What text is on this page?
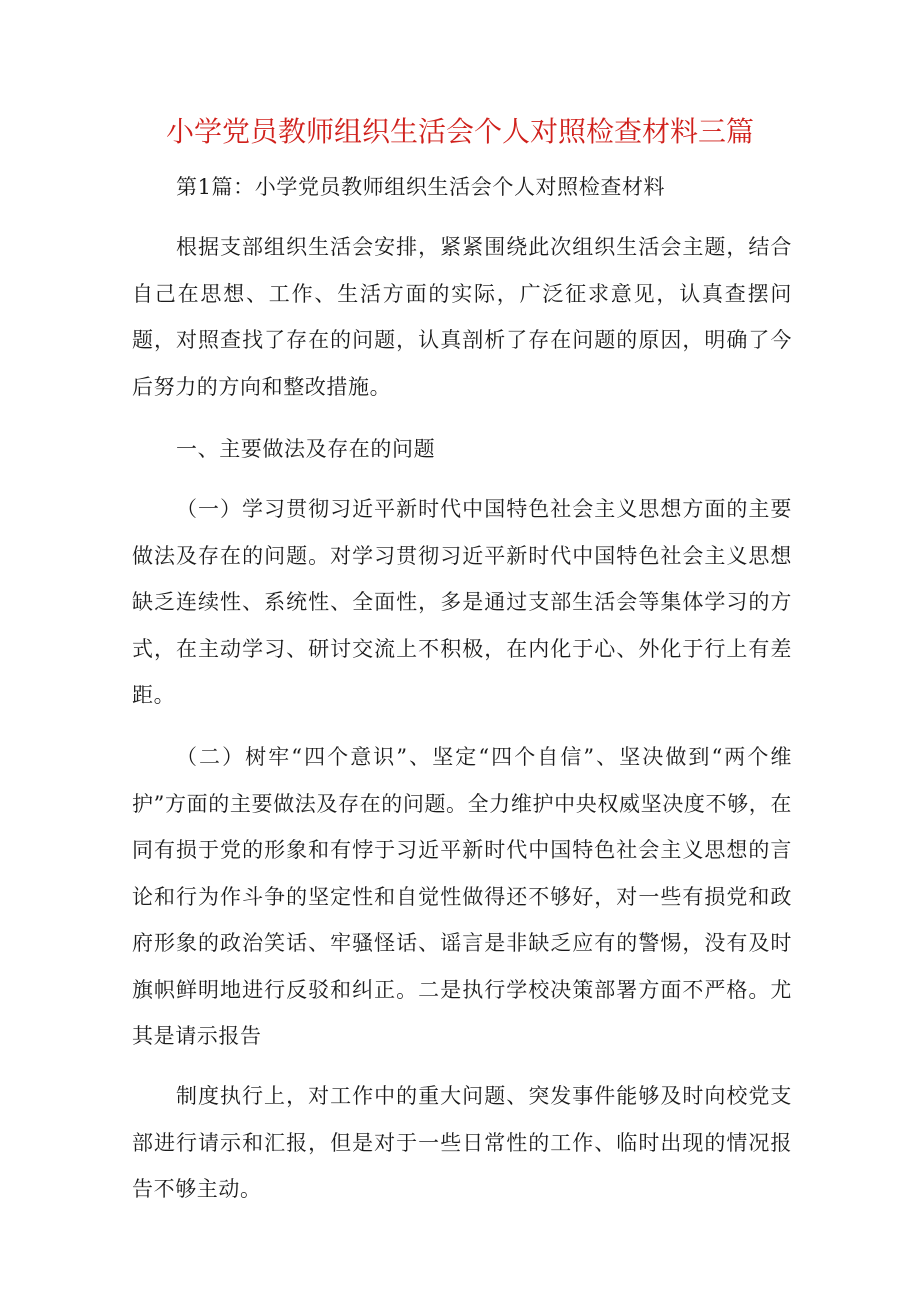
小学党员教师组织生活会个人对照检查材料三篇

第1篇：小学党员教师组织生活会个人对照检查材料

根据支部组织生活会安排，紧紧围绕此次组织生活会主题，结合自己在思想、工作、生活方面的实际，广泛征求意见，认真查摆问题，对照查找了存在的问题，认真剖析了存在问题的原因，明确了今后努力的方向和整改措施。

一、主要做法及存在的问题

（一）学习贯彻习近平新时代中国特色社会主义思想方面的主要做法及存在的问题。对学习贯彻习近平新时代中国特色社会主义思想缺乏连续性、系统性、全面性，多是通过支部生活会等集体学习的方式，在主动学习、研讨交流上不积极，在内化于心、外化于行上有差距。

（二）树牢“四个意识”、坚定“四个自信”、坚决做到“两个维护”方面的主要做法及存在的问题。全力维护中央权威坚决度不够，在同有损于党的形象和有悖于习近平新时代中国特色社会主义思想的言论和行为作斗争的坚定性和自觉性做得还不够好，对一些有损党和政府形象的政治笑话、牢骚怪话、谣言是非缺乏应有的警惕，没有及时旗帜鲜明地进行反驳和纠正。二是执行学校决策部署方面不严格。尤其是请示报告

制度执行上，对工作中的重大问题、突发事件能够及时向校党支部进行请示和汇报，但是对于一些日常性的工作、临时出现的情况报告不够主动。
